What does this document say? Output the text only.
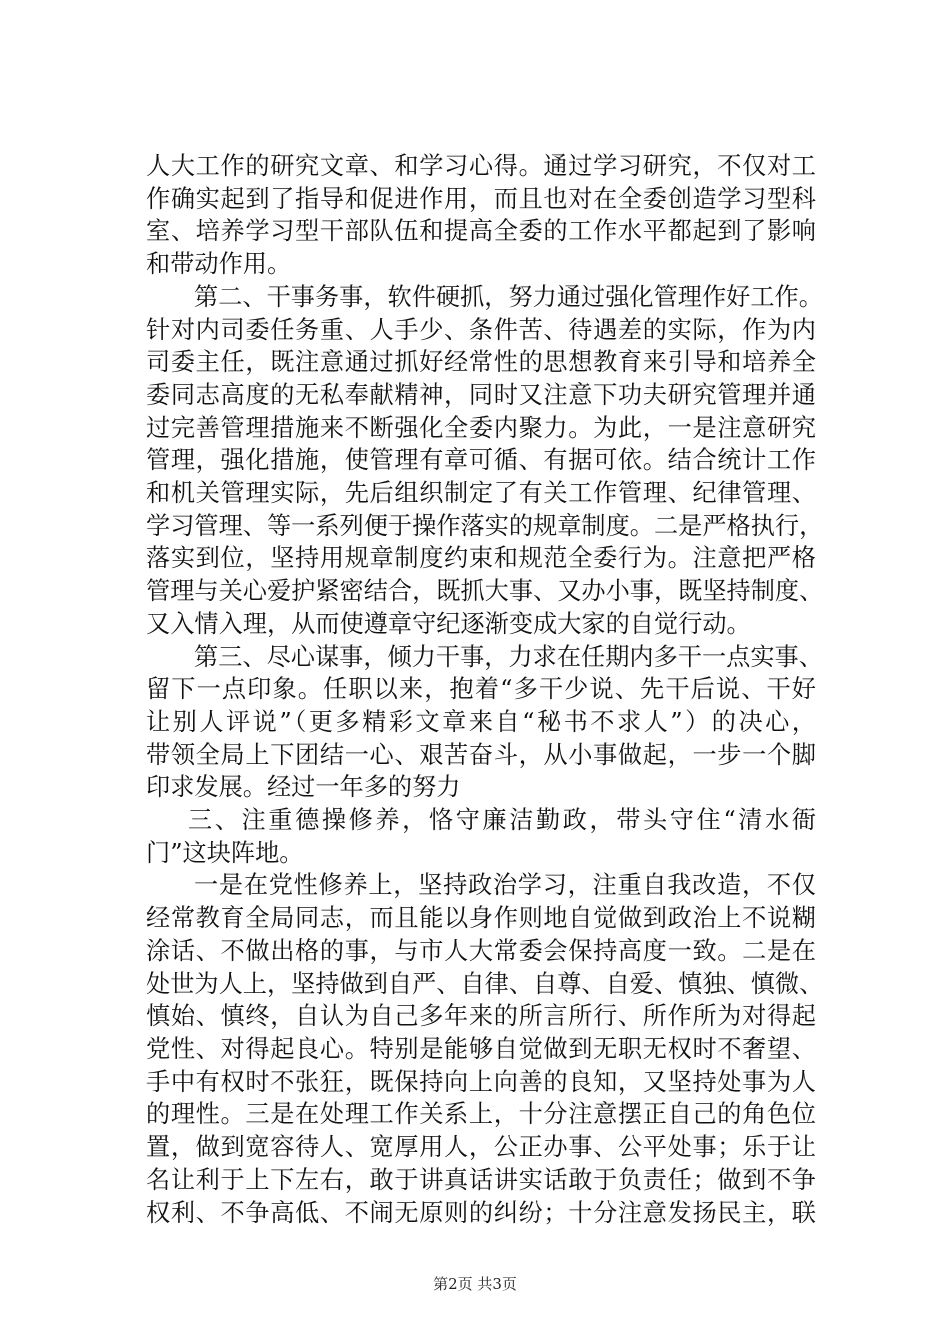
人大工作的研究文章、和学习心得。通过学习研究，不仅对工
作确实起到了指导和促进作用，而且也对在全委创造学习型科
室、培养学习型干部队伍和提高全委的工作水平都起到了影响
和带动作用。
第二、干事务事，软件硬抓，努力通过强化管理作好工作。
针对内司委任务重、人手少、条件苦、待遇差的实际，作为内
司委主任，既注意通过抓好经常性的思想教育来引导和培养全
委同志高度的无私奉献精神，同时又注意下功夫研究管理并通
过完善管理措施来不断强化全委内聚力。为此，一是注意研究
管理，强化措施，使管理有章可循、有据可依。结合统计工作
和机关管理实际，先后组织制定了有关工作管理、纪律管理、
学习管理、等一系列便于操作落实的规章制度。二是严格执行，
落实到位，坚持用规章制度约束和规范全委行为。注意把严格
管理与关心爱护紧密结合，既抓大事、又办小事，既坚持制度、
又入情入理，从而使遵章守纪逐渐变成大家的自觉行动。
第三、尽心谋事，倾力干事，力求在任期内多干一点实事、
留下一点印象。任职以来，抱着“多干少说、先干后说、干好
让别人评说”（更多精彩文章来自“秘书不求人”）的决心，
带领全局上下团结一心、艰苦奋斗，从小事做起，一步一个脚
印求发展。经过一年多的努力
三、注重德操修养，恪守廉洁勤政，带头守住“清水衙
门”这块阵地。
一是在党性修养上，坚持政治学习，注重自我改造，不仅
经常教育全局同志，而且能以身作则地自觉做到政治上不说糊
涂话、不做出格的事，与市人大常委会保持高度一致。二是在
处世为人上，坚持做到自严、自律、自尊、自爱、慎独、慎微、
慎始、慎终，自认为自己多年来的所言所行、所作所为对得起
党性、对得起良心。特别是能够自觉做到无职无权时不奢望、
手中有权时不张狂，既保持向上向善的良知，又坚持处事为人
的理性。三是在处理工作关系上，十分注意摆正自己的角色位
置，做到宽容待人、宽厚用人，公正办事、公平处事；乐于让
名让利于上下左右，敢于讲真话讲实话敢于负责任；做到不争
权利、不争高低、不闹无原则的纠纷；十分注意发扬民主，联
第2页 共3页
